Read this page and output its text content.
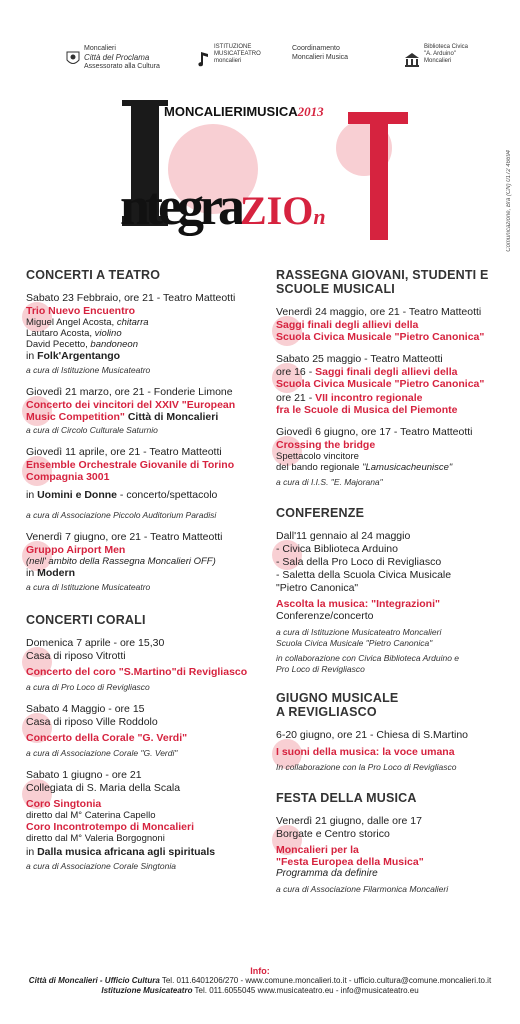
Moncalieri
Città del Proclama
Assessorato alla Cultura
ISTITUZIONE
MUSICATEATRO
moncalieri
Coordinamento
Moncalieri Musica
Biblioteca Civica
"A. Arduino"
Moncalieri
MONCALIERIMUSICA2013
ntegraZIOn	Comunicazione, Bra (CN) 0172 46694
CONCERTI A TEATRO
Sabato 23 Febbraio, ore 21 - Teatro Matteotti
Trio Nuevo Encuentro
Miguel Angel Acosta, chitarra
Lautaro Acosta, violino
David Pecetto, bandoneon
in Folk'Argentango
a cura di Istituzione Musicateatro
Giovedì 21 marzo, ore 21 - Fonderie Limone
Concerto dei vincitori del XXIV "European
Music Competition" Città di Moncalieri
a cura di Circolo Culturale Saturnio
Giovedì 11 aprile, ore 21 - Teatro Matteotti
Ensemble Orchestrale Giovanile di Torino
Compagnia 3001
in Uomini e Donne - concerto/spettacolo
a cura di Associazione Piccolo Auditorium Paradisi
Venerdì 7 giugno, ore 21 - Teatro Matteotti
Gruppo Airport Men
(nell' ambito della Rassegna Moncalieri OFF)
in Modern
a cura di Istituzione Musicateatro
CONCERTI CORALI
Domenica 7 aprile - ore 15,30
Casa di riposo Vitrotti
Concerto del coro "S.Martino"di Revigliasco
a cura di Pro Loco di Revigliasco
Sabato 4 Maggio - ore 15
Casa di riposo Ville Roddolo
Concerto della Corale "G. Verdi"
a cura di Associazione Corale "G. Verdi"
Sabato 1 giugno - ore 21
Collegiata di S. Maria della Scala
Coro Singtonia
diretto dal M° Caterina Capello
Coro Incontrotempo di Moncalieri
diretto dal M° Valeria Borgognoni
in Dalla musica africana agli spirituals
a cura di Associazione Corale Singtonia
RASSEGNA GIOVANI, STUDENTI E SCUOLE MUSICALI
Venerdì 24 maggio, ore 21 - Teatro Matteotti
Saggi finali degli allievi della
Scuola Civica Musicale "Pietro Canonica"
Sabato 25 maggio - Teatro Matteotti
ore 16 - Saggi finali degli allievi della
Scuola Civica Musicale "Pietro Canonica"
ore 21 - VII incontro regionale
fra le Scuole di Musica del Piemonte
Giovedì 6 giugno, ore 17 - Teatro Matteotti
Crossing the bridge
Spettacolo vincitore
del bando regionale "Lamusicacheunisce"
a cura di I.I.S. "E. Majorana"
CONFERENZE
Dall'11 gennaio al 24 maggio
- Civica Biblioteca Arduino
- Sala della Pro Loco di Revigliasco
- Saletta della Scuola Civica Musicale
"Pietro Canonica"
Ascolta la musica: "Integrazioni"
Conferenze/concerto
a cura di Istituzione Musicateatro Moncalieri
Scuola Civica Musicale "Pietro Canonica"
in collaborazione con Civica Biblioteca Arduino e
Pro Loco di Revigliasco
GIUGNO MUSICALE
A REVIGLIASCO
6-20 giugno, ore 21 - Chiesa di S.Martino
I suoni della musica: la voce umana
In collaborazione con la Pro Loco di Revigliasco
FESTA DELLA MUSICA
Venerdì 21 giugno, dalle ore 17
Borgate e Centro storico
Moncalieri per la
"Festa Europea della Musica"
Programma da definire
a cura di Associazione Filarmonica Moncalieri
Info:
Città di Moncalieri - Ufficio Cultura Tel. 011.6401206/270 - www.comune.moncalieri.to.it - ufficio.cultura@comune.moncalieri.to.it
Istituzione Musicateatro Tel. 011.6055045 www.musicateatro.eu - info@musicateatro.eu
